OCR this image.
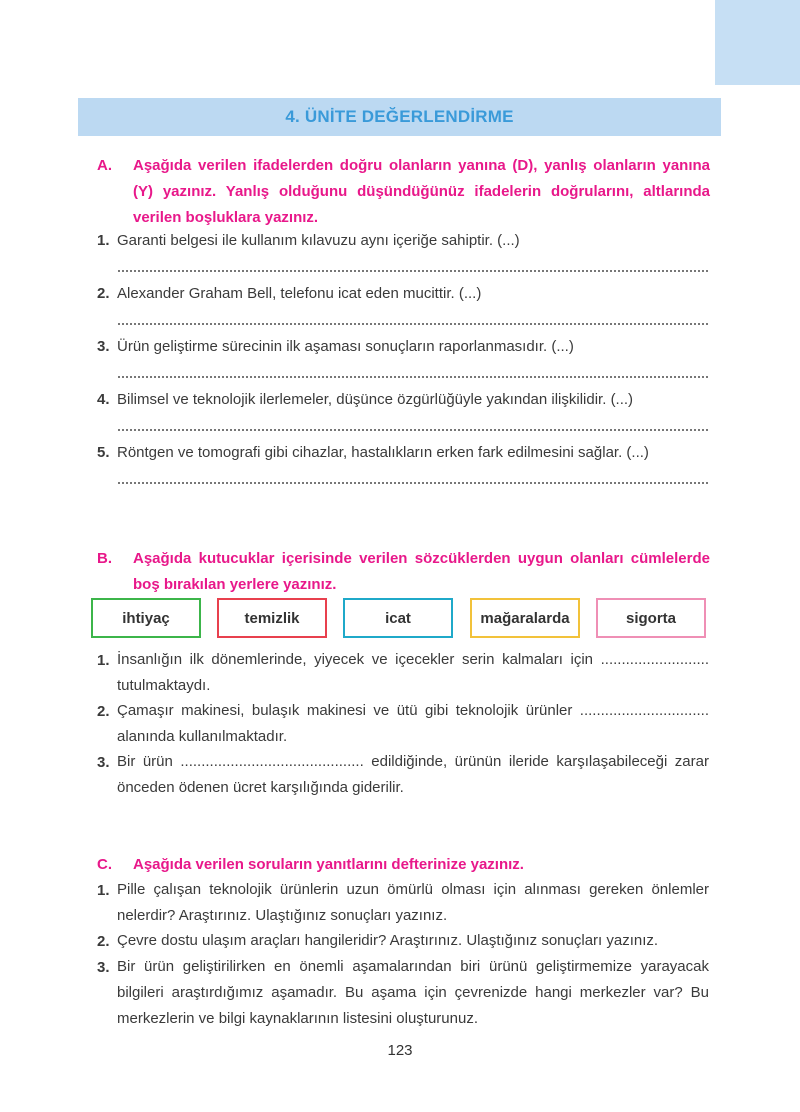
4. ÜNİTE DEĞERLENDİRME
A. Aşağıda verilen ifadelerden doğru olanların yanına (D), yanlış olanların yanına (Y) yazınız. Yanlış olduğunu düşündüğünüz ifadelerin doğrularını, altlarında verilen boşluklara yazınız.
1. Garanti belgesi ile kullanım kılavuzu aynı içeriğe sahiptir. (...)
2. Alexander Graham Bell, telefonu icat eden mucittir. (...)
3. Ürün geliştirme sürecinin ilk aşaması sonuçların raporlanmasıdır. (...)
4. Bilimsel ve teknolojik ilerlemeler, düşünce özgürlüğüyle yakından ilişkilidir. (...)
5. Röntgen ve tomografi gibi cihazlar, hastalıkların erken fark edilmesini sağlar. (...)
B. Aşağıda kutucuklar içerisinde verilen sözcüklerden uygun olanları cümlelerde boş bırakılan yerlere yazınız.
ihtiyaç	temizlik	icat	mağaralarda	sigorta
1. İnsanlığın ilk dönemlerinde, yiyecek ve içecekler serin kalmaları için .......................... tutulmaktaydı.
2. Çamaşır makinesi, bulaşık makinesi ve ütü gibi teknolojik ürünler ............................... alanında kullanılmaktadır.
3. Bir ürün ............................................ edildiğinde, ürünün ileride karşılaşabileceği zarar önceden ödenen ücret karşılığında giderilir.
C. Aşağıda verilen soruların yanıtlarını defterinize yazınız.
1. Pille çalışan teknolojik ürünlerin uzun ömürlü olması için alınması gereken önlemler nelerdir? Araştırınız. Ulaştığınız sonuçları yazınız.
2. Çevre dostu ulaşım araçları hangileridir? Araştırınız. Ulaştığınız sonuçları yazınız.
3. Bir ürün geliştirilirken en önemli aşamalarından biri ürünü geliştirmemize yarayacak bilgileri araştırdığımız aşamadır. Bu aşama için çevrenizde hangi merkezler var? Bu merkezlerin ve bilgi kaynaklarının listesini oluşturunuz.
123
